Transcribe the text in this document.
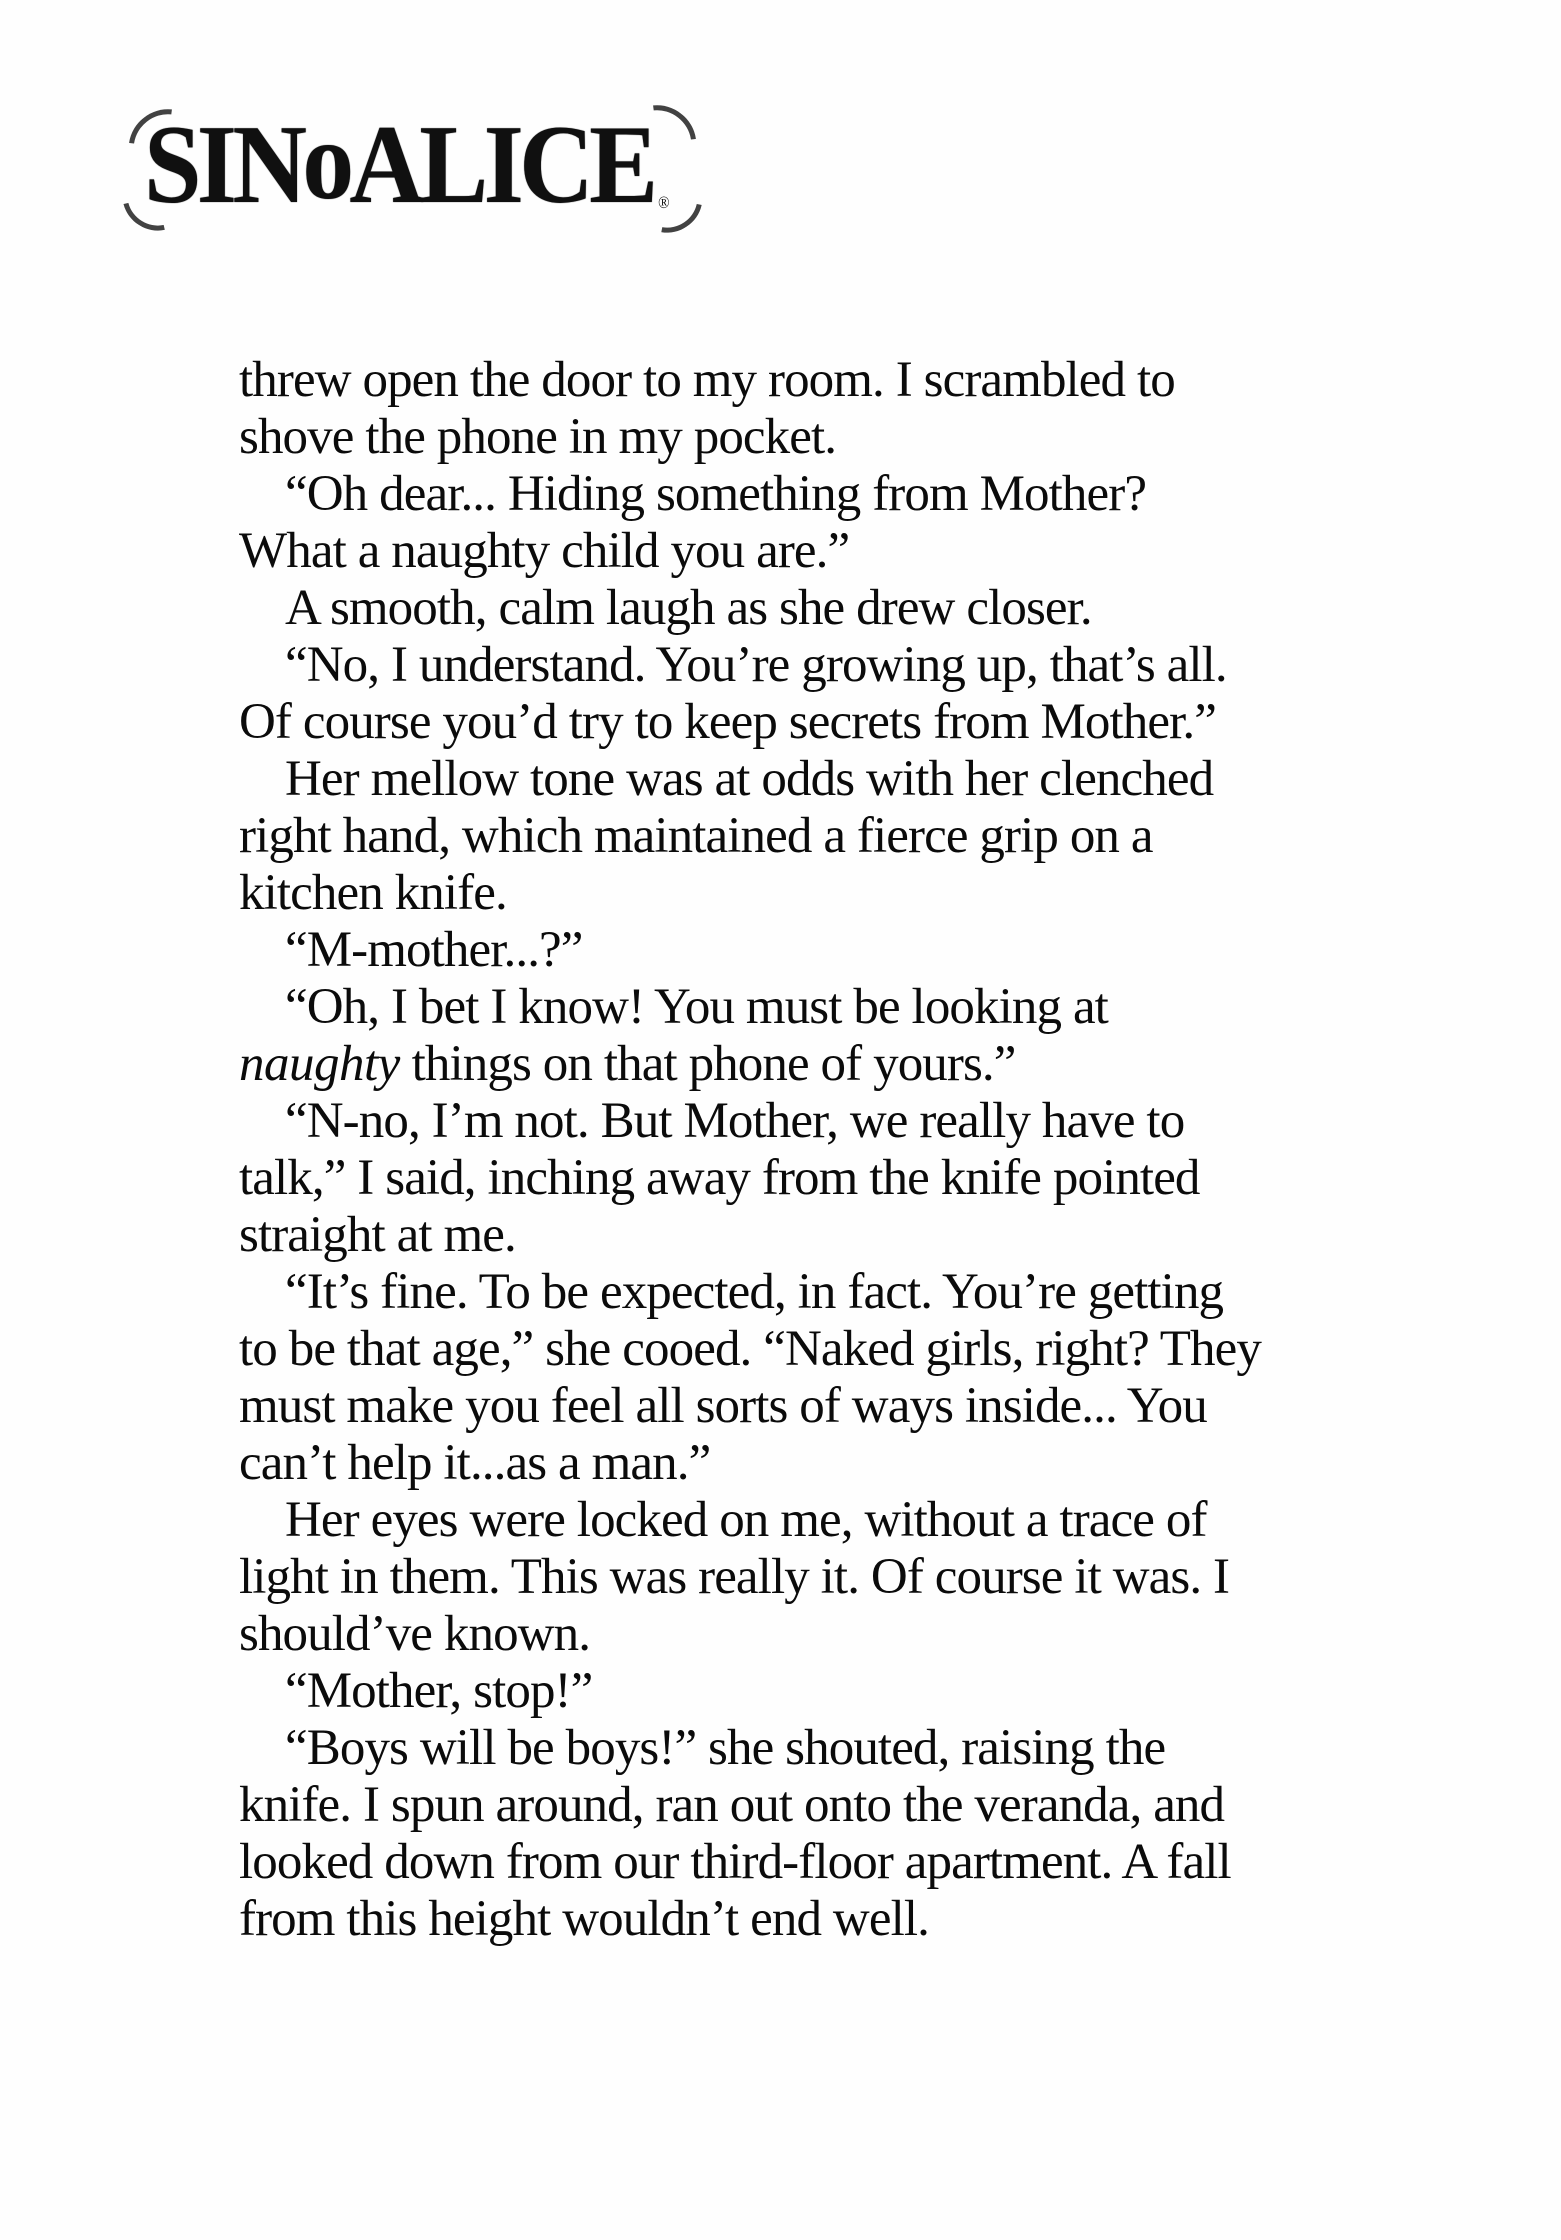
SINoALICE ®
threw open the door to my room. I scrambled to
shove the phone in my pocket.
“Oh dear... Hiding something from Mother?
What a naughty child you are.”
A smooth, calm laugh as she drew closer.
“No, I understand. You’re growing up, that’s all.
Of course you’d try to keep secrets from Mother.”
Her mellow tone was at odds with her clenched
right hand, which maintained a fierce grip on a
kitchen knife.
“M-mother...?”
“Oh, I bet I know! You must be looking at
naughty things on that phone of yours.”
“N-no, I’m not. But Mother, we really have to
talk,” I said, inching away from the knife pointed
straight at me.
“It’s fine. To be expected, in fact. You’re getting
to be that age,” she cooed. “Naked girls, right? They
must make you feel all sorts of ways inside... You
can’t help it...as a man.”
Her eyes were locked on me, without a trace of
light in them. This was really it. Of course it was. I
should’ve known.
“Mother, stop!”
“Boys will be boys!” she shouted, raising the
knife. I spun around, ran out onto the veranda, and
looked down from our third-floor apartment. A fall
from this height wouldn’t end well.
